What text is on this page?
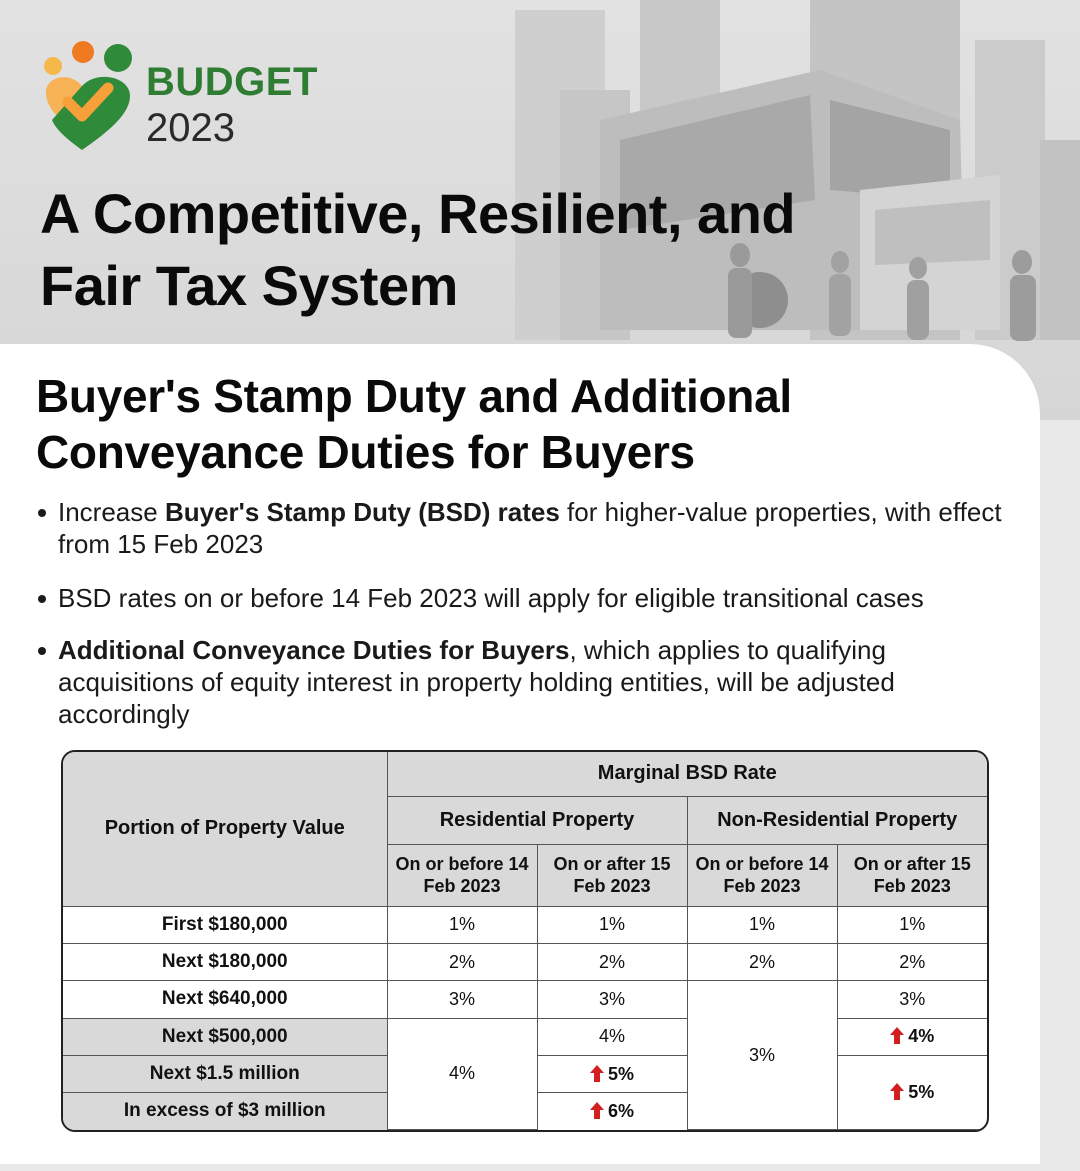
BUDGET
2023
A Competitive, Resilient, and Fair Tax System
Buyer's Stamp Duty and Additional Conveyance Duties for Buyers
Increase Buyer's Stamp Duty (BSD) rates for higher-value properties, with effect from 15 Feb 2023
BSD rates on or before 14 Feb 2023 will apply for eligible transitional cases
Additional Conveyance Duties for Buyers, which applies to qualifying acquisitions of equity interest in property holding entities, will be adjusted accordingly
Portion of Property Value	Marginal BSD Rate			
	Residential Property		Non-Residential Property	
	On or before 14 Feb 2023	On or after 15 Feb 2023	On or before 14 Feb 2023	On or after 15 Feb 2023
First $180,000	1%	1%	1%	1%
Next $180,000	2%	2%	2%	2%
Next $640,000	3%	3%	3%	3%
Next $500,000	4%	4%		4%
Next $1.5 million		5%		5%
In excess of $3 million		6%		
